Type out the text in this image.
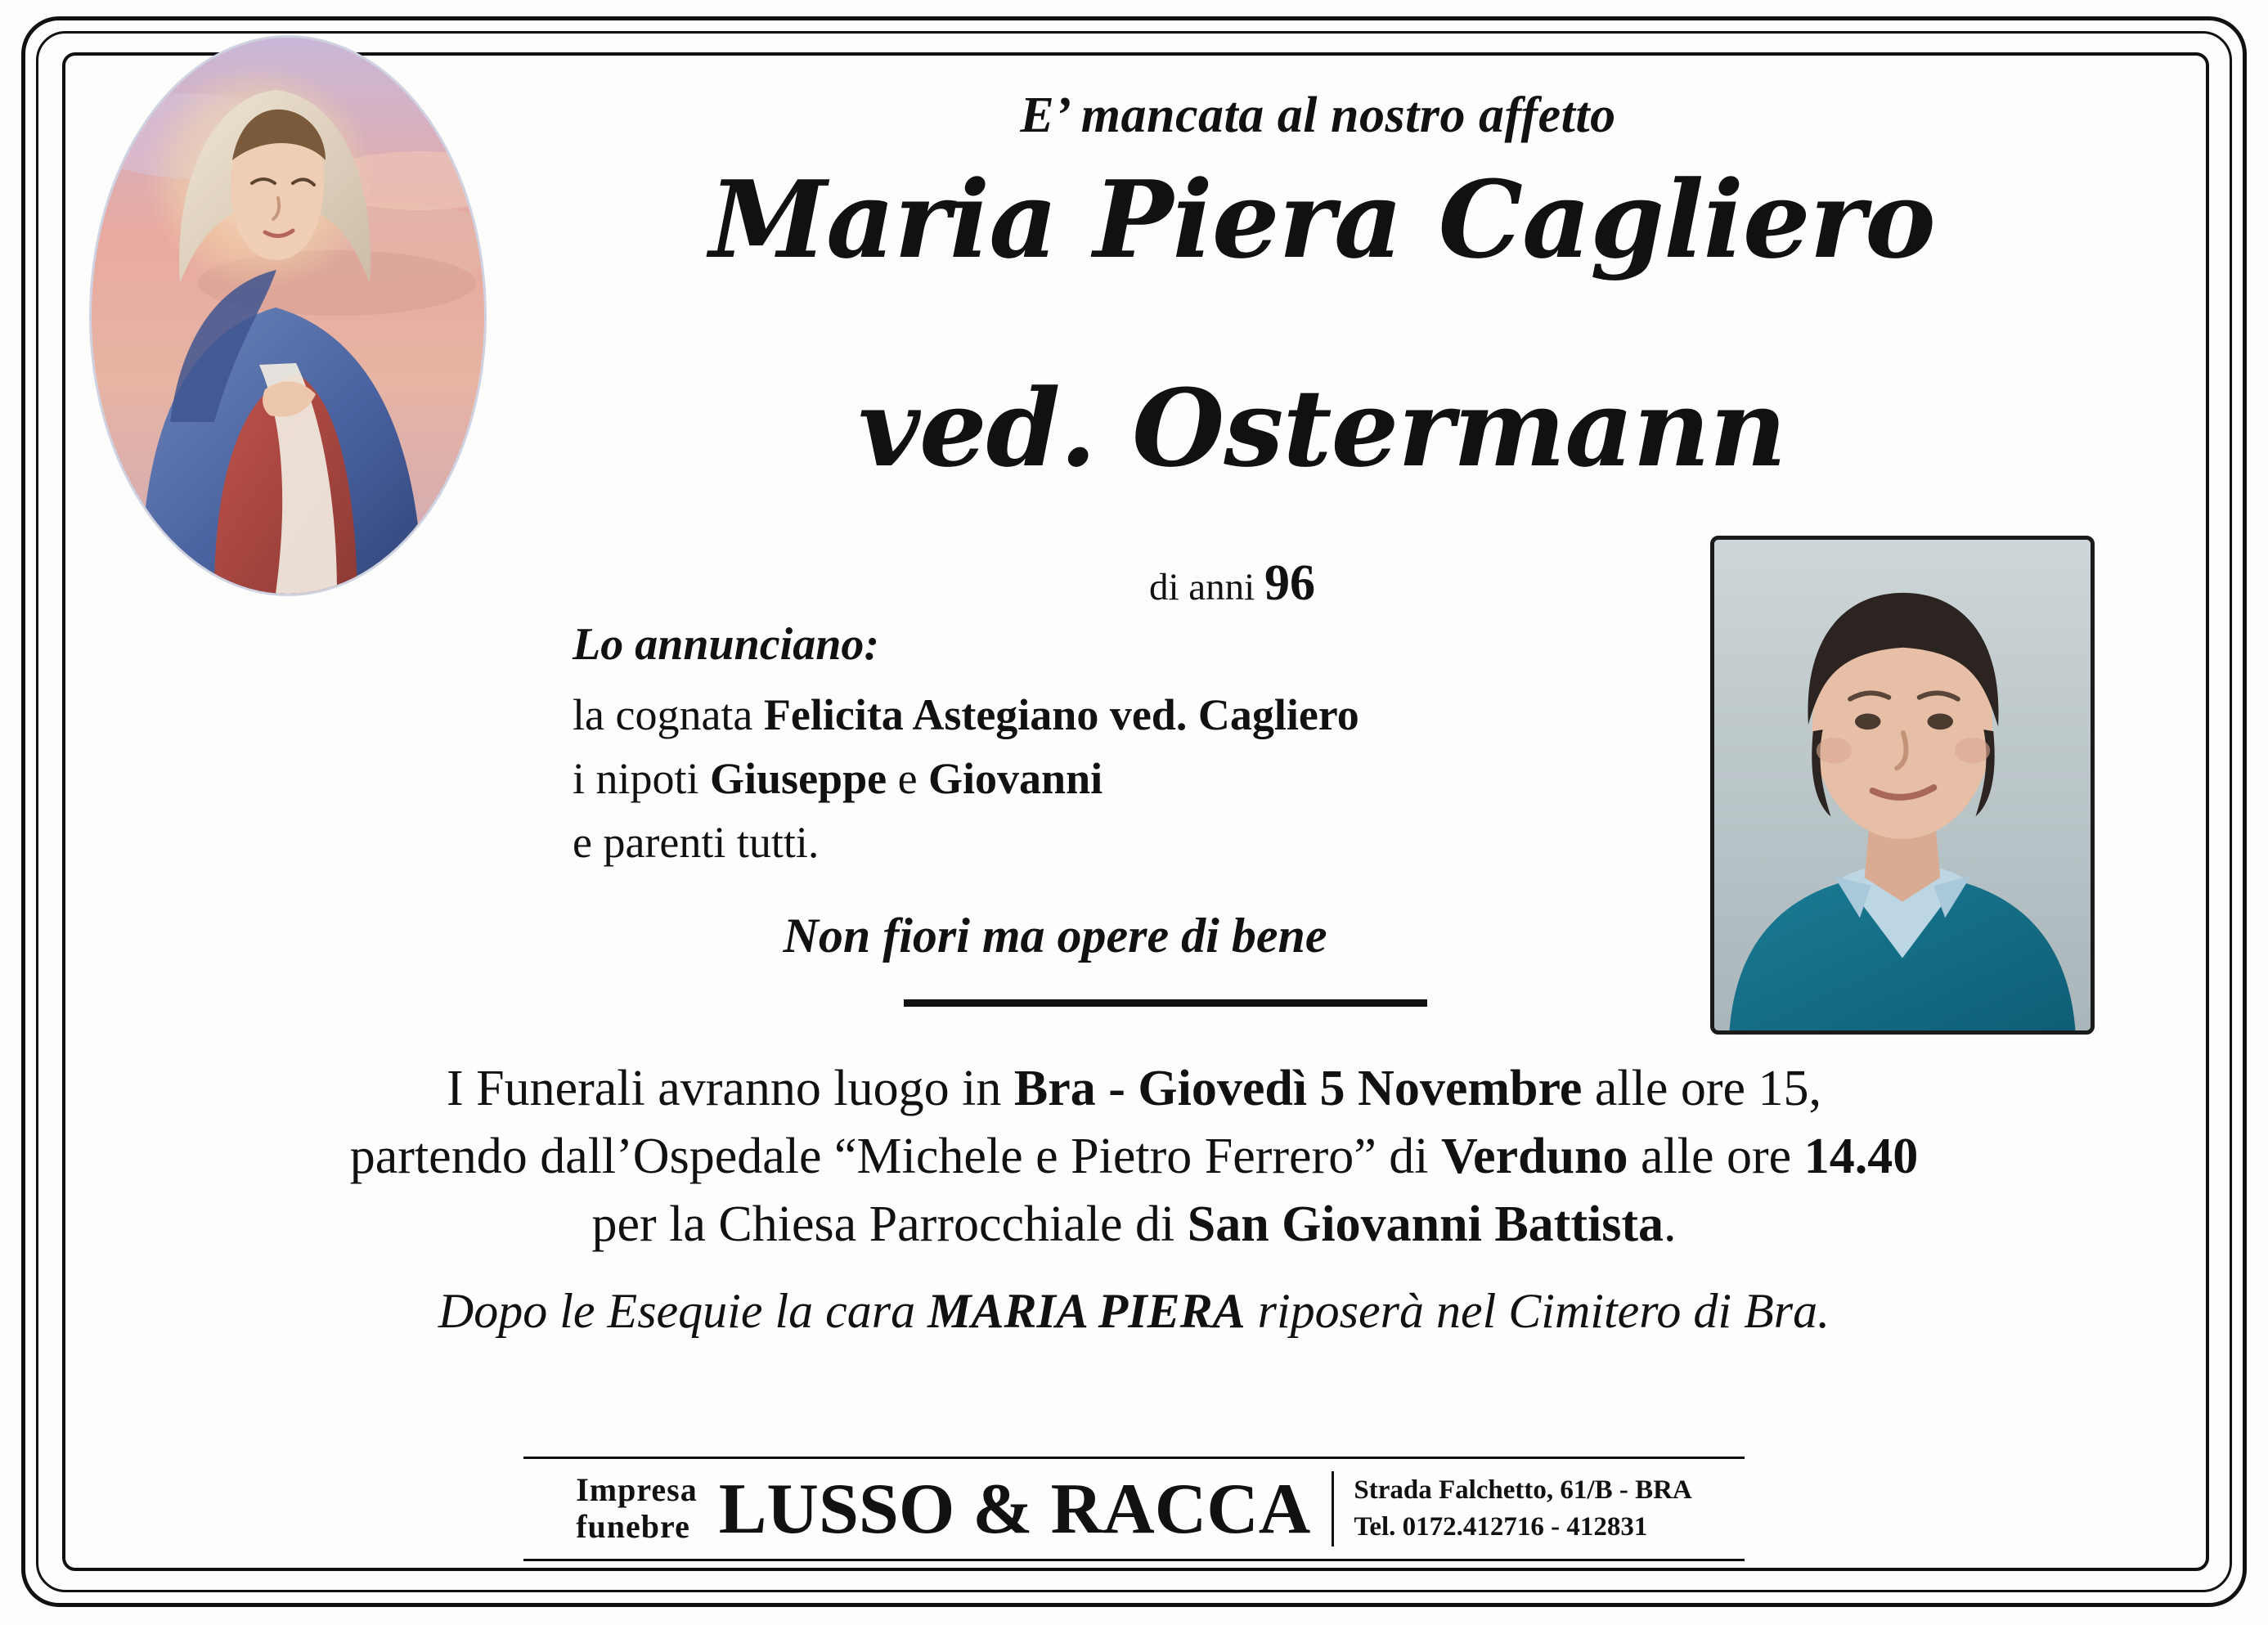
E’ mancata al nostro affetto
Maria Piera Cagliero
ved. Ostermann
di anni 96
Lo annunciano:
la cognata Felicita Astegiano ved. Cagliero
i nipoti Giuseppe e Giovanni
e parenti tutti.
Non fiori ma opere di bene
I Funerali avranno luogo in Bra - Giovedì 5 Novembre alle ore 15,
partendo dall’Ospedale “Michele e Pietro Ferrero” di Verduno alle ore 14.40
per la Chiesa Parrocchiale di San Giovanni Battista.
Dopo le Esequie la cara MARIA PIERA riposerà nel Cimitero di Bra.
Impresa
funebre LUSSO & RACCA Strada Falchetto, 61/B - BRA
Tel. 0172.412716 - 412831
